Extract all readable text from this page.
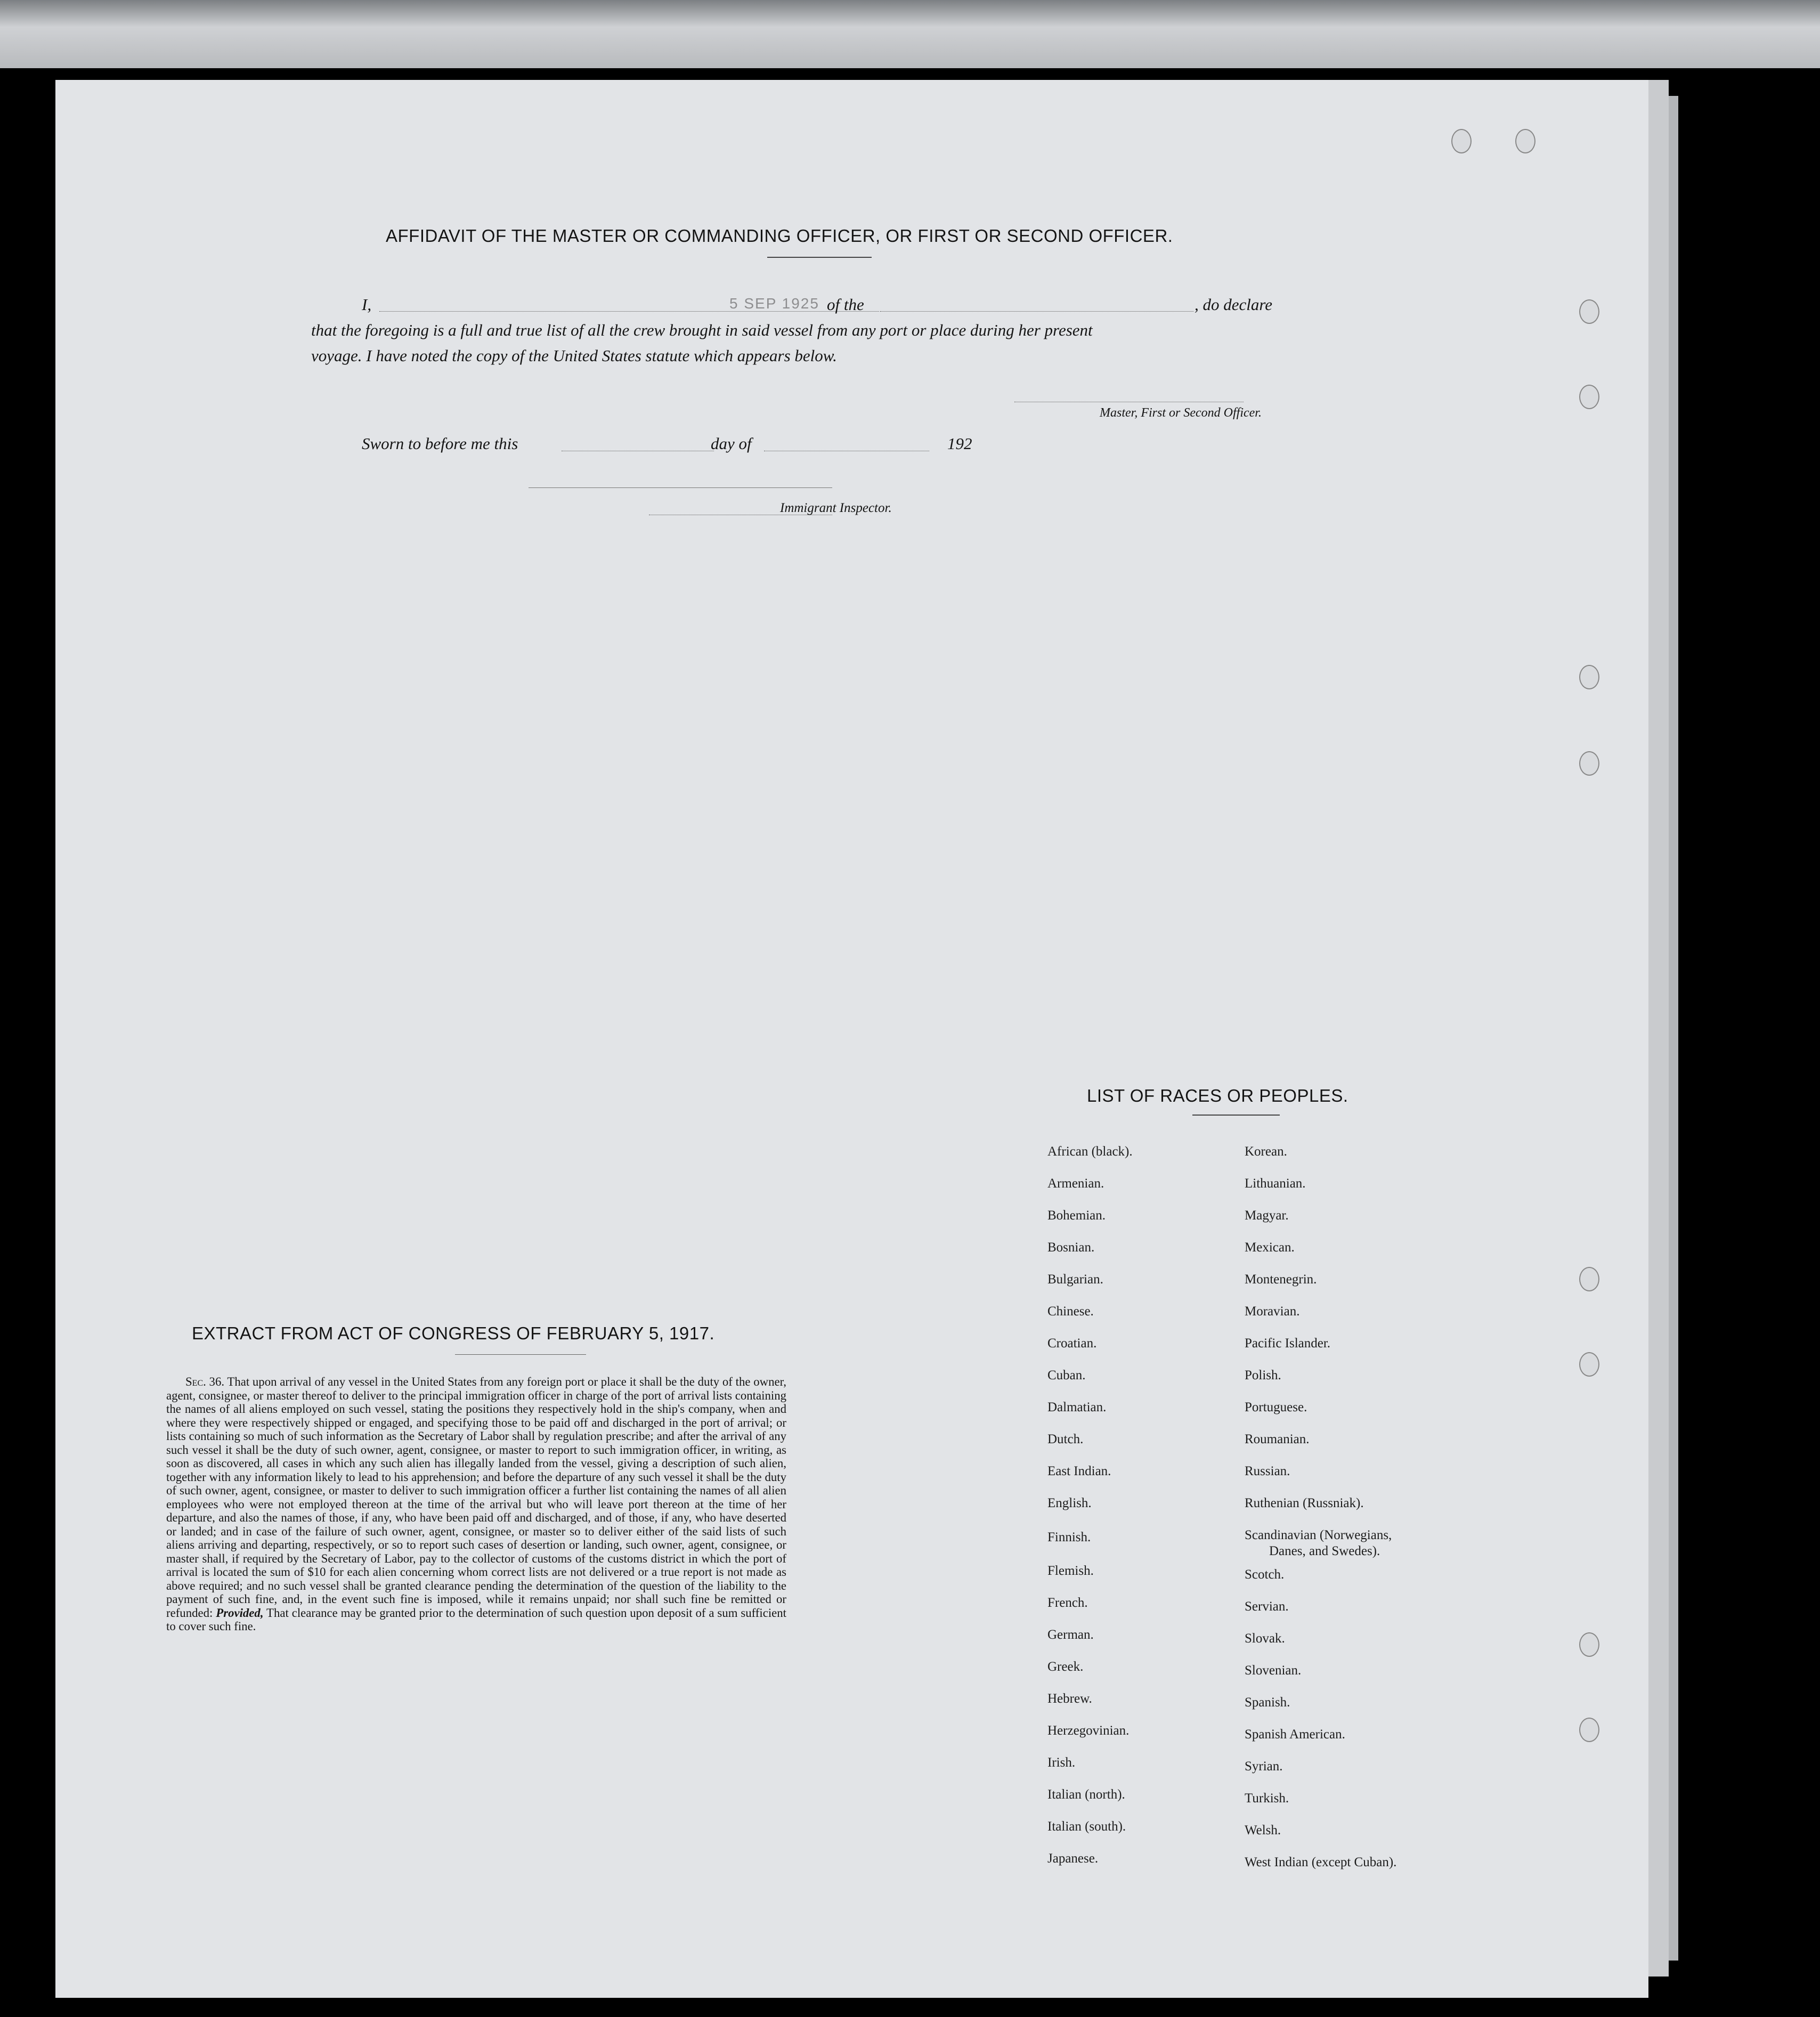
AFFIDAVIT OF THE MASTER OR COMMANDING OFFICER, OR FIRST OR SECOND OFFICER.
I,	5 SEP 1925 of the	, do declare
that the foregoing is a full and true list of all the crew brought in said vessel from any port or place during her present
voyage. I have noted the copy of the United States statute which appears below.
Master, First or Second Officer.
Sworn to before me this	day of	192
Immigrant Inspector.
LIST OF RACES OR PEOPLES.
African (black).
Armenian.
Bohemian.
Bosnian.
Bulgarian.
Chinese.
Croatian.
Cuban.
Dalmatian.
Dutch.
East Indian.
English.
Finnish.
Flemish.
French.
German.
Greek.
Hebrew.
Herzegovinian.
Irish.
Italian (north).
Italian (south).
Japanese.
Korean.
Lithuanian.
Magyar.
Mexican.
Montenegrin.
Moravian.
Pacific Islander.
Polish.
Portuguese.
Roumanian.
Russian.
Ruthenian (Russniak).
Scandinavian (Norwegians,
Danes, and Swedes).
Scotch.
Servian.
Slovak.
Slovenian.
Spanish.
Spanish American.
Syrian.
Turkish.
Welsh.
West Indian (except Cuban).
EXTRACT FROM ACT OF CONGRESS OF FEBRUARY 5, 1917.
Sec. 36. That upon arrival of any vessel in the United States from any foreign port or place it shall be the duty of the owner, agent, consignee, or master thereof to deliver to the principal immigration officer in charge of the port of arrival lists containing the names of all aliens employed on such vessel, stating the positions they respectively hold in the ship's company, when and where they were respectively shipped or engaged, and specifying those to be paid off and discharged in the port of arrival; or lists containing so much of such information as the Secretary of Labor shall by regulation prescribe; and after the arrival of any such vessel it shall be the duty of such owner, agent, consignee, or master to report to such immigration officer, in writing, as soon as discovered, all cases in which any such alien has illegally landed from the vessel, giving a description of such alien, together with any information likely to lead to his apprehension; and before the departure of any such vessel it shall be the duty of such owner, agent, consignee, or master to deliver to such immigration officer a further list containing the names of all alien employees who were not employed thereon at the time of the arrival but who will leave port thereon at the time of her departure, and also the names of those, if any, who have been paid off and discharged, and of those, if any, who have deserted or landed; and in case of the failure of such owner, agent, consignee, or master so to deliver either of the said lists of such aliens arriving and departing, respectively, or so to report such cases of desertion or landing, such owner, agent, consignee, or master shall, if required by the Secretary of Labor, pay to the collector of customs of the customs district in which the port of arrival is located the sum of $10 for each alien concerning whom correct lists are not delivered or a true report is not made as above required; and no such vessel shall be granted clearance pending the determination of the question of the liability to the payment of such fine, and, in the event such fine is imposed, while it remains unpaid; nor shall such fine be remitted or refunded: Provided, That clearance may be granted prior to the determination of such question upon deposit of a sum sufficient to cover such fine.
